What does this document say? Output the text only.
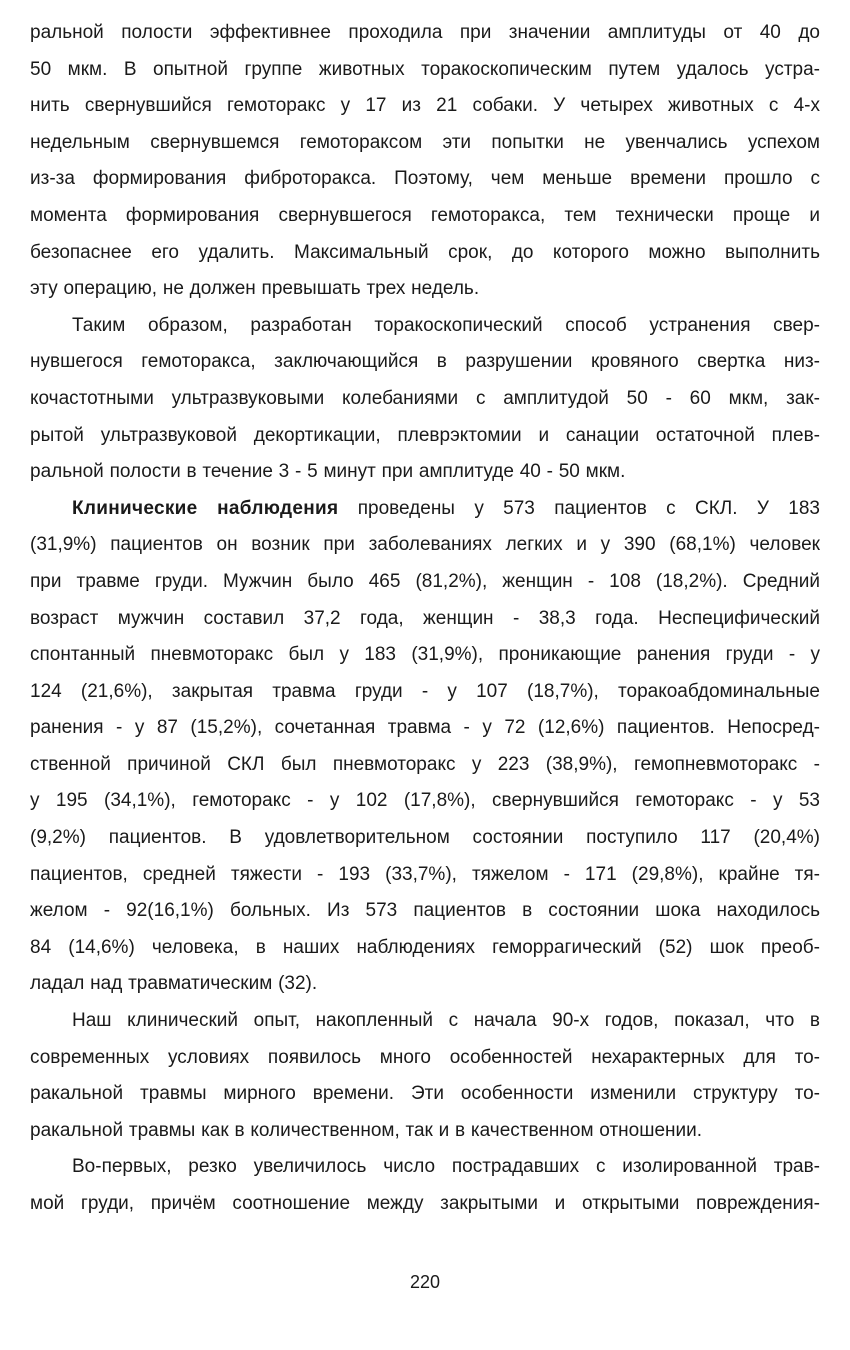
ральной полости эффективнее проходила при значении амплитуды от 40 до
50 мкм. В опытной группе животных торакоскопическим путем удалось устра-
нить свернувшийся гемоторакс у 17 из 21 собаки. У четырех животных с 4-х
недельным свернувшемся гемотораксом эти попытки не увенчались успехом
из-за формирования фиброторакса. Поэтому, чем меньше времени прошло с
момента формирования свернувшегося гемоторакса, тем технически проще и
безопаснее его удалить. Максимальный срок, до которого можно выполнить
эту операцию, не должен превышать трех недель.
Таким образом, разработан торакоскопический способ устранения свер-
нувшегося гемоторакса, заключающийся в разрушении кровяного свертка низ-
кочастотными ультразвуковыми колебаниями с амплитудой 50 - 60 мкм, зак-
рытой ультразвуковой декортикации, плеврэктомии и санации остаточной плев-
ральной полости в течение 3 - 5 минут при амплитуде 40 - 50 мкм.
Клинические наблюдения проведены у 573 пациентов с СКЛ. У 183
(31,9%) пациентов он возник при заболеваниях легких и у 390 (68,1%) человек
при травме груди. Мужчин было 465 (81,2%), женщин - 108 (18,2%). Средний
возраст мужчин составил 37,2 года, женщин - 38,3 года. Неспецифический
спонтанный пневмоторакс был у 183 (31,9%), проникающие ранения груди - у
124 (21,6%), закрытая травма груди - у 107 (18,7%), торакоабдоминальные
ранения - у 87 (15,2%), сочетанная травма - у 72 (12,6%) пациентов. Непосред-
ственной причиной СКЛ был пневмоторакс у 223 (38,9%), гемопневмоторакс -
у 195 (34,1%), гемоторакс - у 102 (17,8%), свернувшийся гемоторакс - у 53
(9,2%) пациентов. В удовлетворительном состоянии поступило 117 (20,4%)
пациентов, средней тяжести - 193 (33,7%), тяжелом - 171 (29,8%), крайне тя-
желом - 92(16,1%) больных. Из 573 пациентов в состоянии шока находилось
84 (14,6%) человека, в наших наблюдениях геморрагический (52) шок преоб-
ладал над травматическим (32).
Наш клинический опыт, накопленный с начала 90-х годов, показал, что в
современных условиях появилось много особенностей нехарактерных для то-
ракальной травмы мирного времени. Эти особенности изменили структуру то-
ракальной травмы как в количественном, так и в качественном отношении.
Во-первых, резко увеличилось число пострадавших с изолированной трав-
мой груди, причём соотношение между закрытыми и открытыми повреждения-
220
